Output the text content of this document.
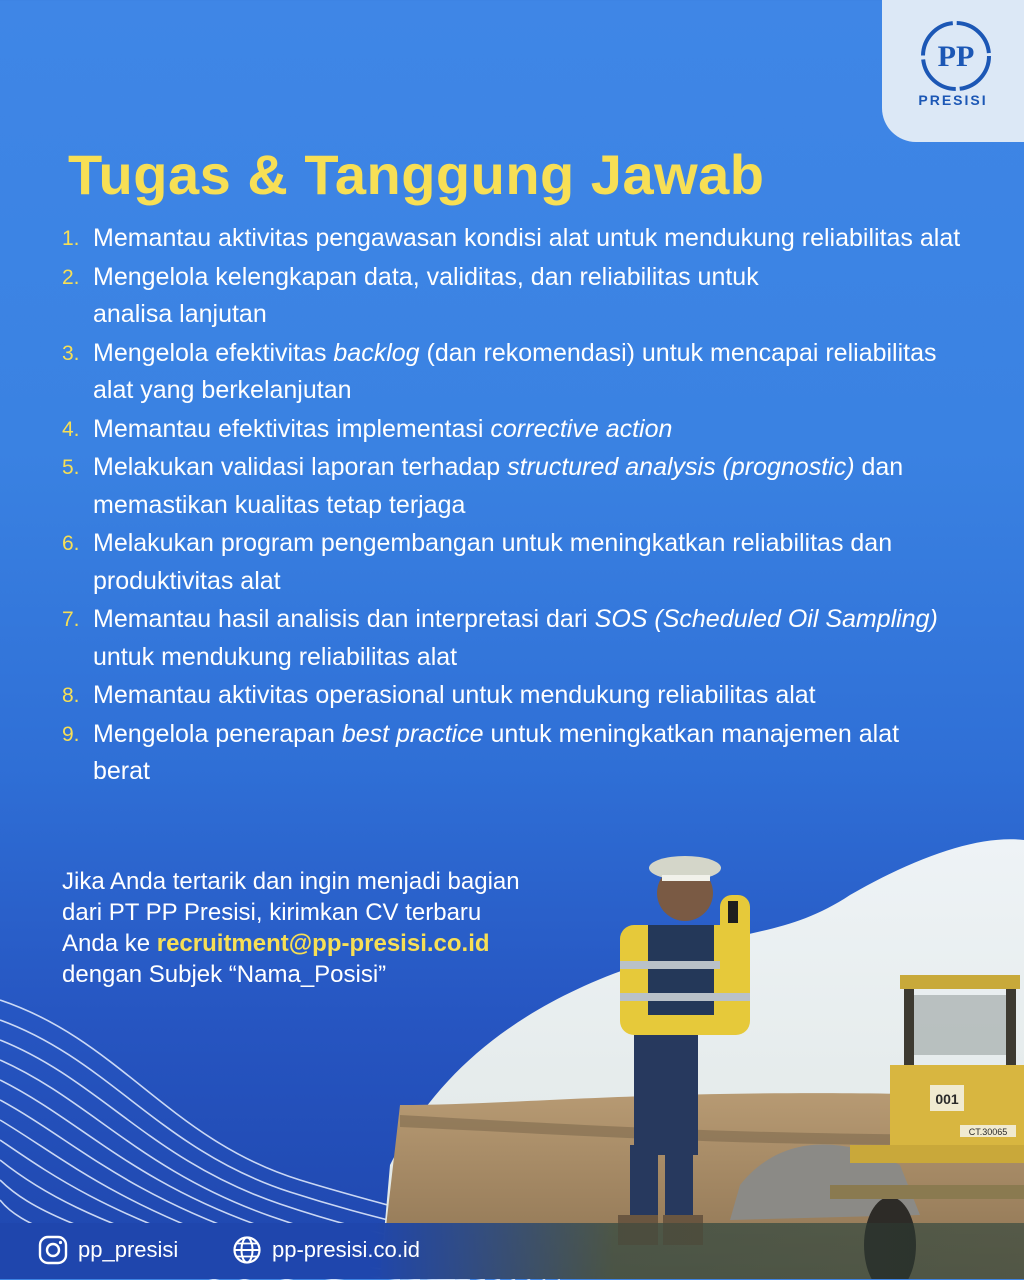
PP
PRESISI
Tugas & Tanggung Jawab
1. Memantau aktivitas pengawasan kondisi alat untuk mendukung reliabilitas alat
2. Mengelola kelengkapan data, validitas, dan reliabilitas untuk
analisa lanjutan
3. Mengelola efektivitas backlog (dan rekomendasi) untuk mencapai reliabilitas alat yang berkelanjutan
4. Memantau efektivitas implementasi corrective action
5. Melakukan validasi laporan terhadap structured analysis (prognostic) dan memastikan kualitas tetap terjaga
6. Melakukan program pengembangan untuk meningkatkan reliabilitas dan produktivitas alat
7. Memantau hasil analisis dan interpretasi dari SOS (Scheduled Oil Sampling) untuk mendukung reliabilitas alat
8. Memantau aktivitas operasional untuk mendukung reliabilitas alat
9. Mengelola penerapan best practice untuk meningkatkan manajemen alat berat
Jika Anda tertarik dan ingin menjadi bagian
dari PT PP Presisi, kirimkan CV terbaru
Anda ke recruitment@pp-presisi.co.id
dengan Subjek “Nama_Posisi”
001
CT.30065
pp_presisi	pp-presisi.co.id
